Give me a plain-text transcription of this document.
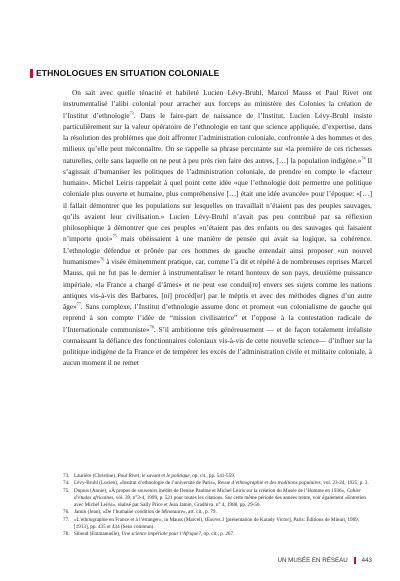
ETHNOLOGUES EN SITUATION COLONIALE

On sait avec quelle ténacité et habileté Lucien Lévy-Bruhl, Marcel Mauss et Paul Rivet ont instrumentalisé l’alibi colonial pour arracher aux forceps au ministère des Colonies la création de l’Institut d’ethnologie$^{73}$. Dans le faire-part de naissance de l’Institut, Lucien Lévy-Bruhl insiste particulièrement sur la valeur opératoire de l’ethnologie en tant que science appliquée, d’expertise, dans la résolution des problèmes que doit affronter l’administration coloniale, confrontée à des hommes et des milieux qu’elle peut méconnaître. On se rappelle sa phrase percutante sur «la première de ces richesses naturelles, celle sans laquelle on ne peut à peu près rien faire des autres, […] la population indigène.»$^{74}$ Il s’agissait d’humaniser les politiques de l’administration coloniale, de prendre en compte le «facteur humain». Michel Leiris rappelait à quel point cette idée «que l’ethnologie doit permettre une politique coloniale plus ouverte et humaine, plus compréhensive […] était une idée avancée» pour l’époque: «[…] il fallait démontrer que les populations sur lesquelles on travaillait n’étaient pas des peuples sauvages, qu’ils avaient leur civilisation.» Lucien Lévy-Bruhl n’avait pas peu contribué par sa réflexion philosophique à démontrer que ces peuples «n’étaient pas des enfants ou des sauvages qui faisaient n’importe quoi»$^{75}$ mais obéissaient à une manière de pensée qui avait sa logique, sa cohérence. L’ethnologie défendue et prônée par ces hommes de gauche entendait ainsi proposer «un nouvel humanisme»$^{76}$ à visée éminemment pratique, car, comme l’a dit et répété à de nombreuses reprises Marcel Mauss, qui ne fut pas le dernier à instrumentaliser le retard honteux de son pays, deuxième puissance impériale, «la France a chargé d’âmes» et ne peut «se condui[re] envers ses sujets comme les nations antiques vis-à-vis des Barbares, [ni] procéd[er] par le mépris et avec des méthodes dignes d’un autre âge»$^{77}$. Sans complexe, l’Institut d’ethnologie assume donc et promeut «un colonialisme de gauche qui reprend à son compte l’idée de “mission civilisatrice” et l’oppose à la contestation radicale de l’Internationale communiste»$^{78}$. S’il ambitionne très généreusement — et de façon totalement irréaliste connaissant la défiance des fonctionnaires coloniaux vis-à-vis de cette nouvelle science— d’influer sur la politique indigène de la France et de tempérer les excès de l’administration civile et militaire coloniale, à aucun moment il ne remet

73. Laurière (Christine), Paul Rivet, le savant et le politique, op. cit., pp. 541-559.
74. Lévy-Bruhl (Lucien), «Institut d’ethnologie de l’université de Paris», Revue d’ethnographie et des traditions populaires, vol. 23-24, 1925, p. 3.
75. Dupuis (Annie), «À propos de souvenirs inédits de Denise Paulme et Michel Leiris sur la création du Musée de l’Homme en 1936», Cahier d’études africaines, vol. 39, n°3-4, 1999, p. 521 pour toutes les citations. Sur cette même période des années trente, voir également «Entretien avec Michel Leiris», réalisé par Sally Price et Jean Jamin, Gradhiva, n° 4, 1988, pp. 29-56.
76. Jamin (Jean), «De l’humaine condition de Minotaure», art. cit., p. 79.
77. «L’ethnographie en France et à l’étranger», in Mauss (Marcel), Œuvres 3 [présentation de Karady Victor], Paris: Éditions de Minuit, 1969, [1913], pp. 435 et 434 (Sens commun).
78. Sibeud (Emmanuelle), Une science impériale pour l’Afrique?, op. cit., p. 267.
UN MUSÉE EN RÉSEAU 443
